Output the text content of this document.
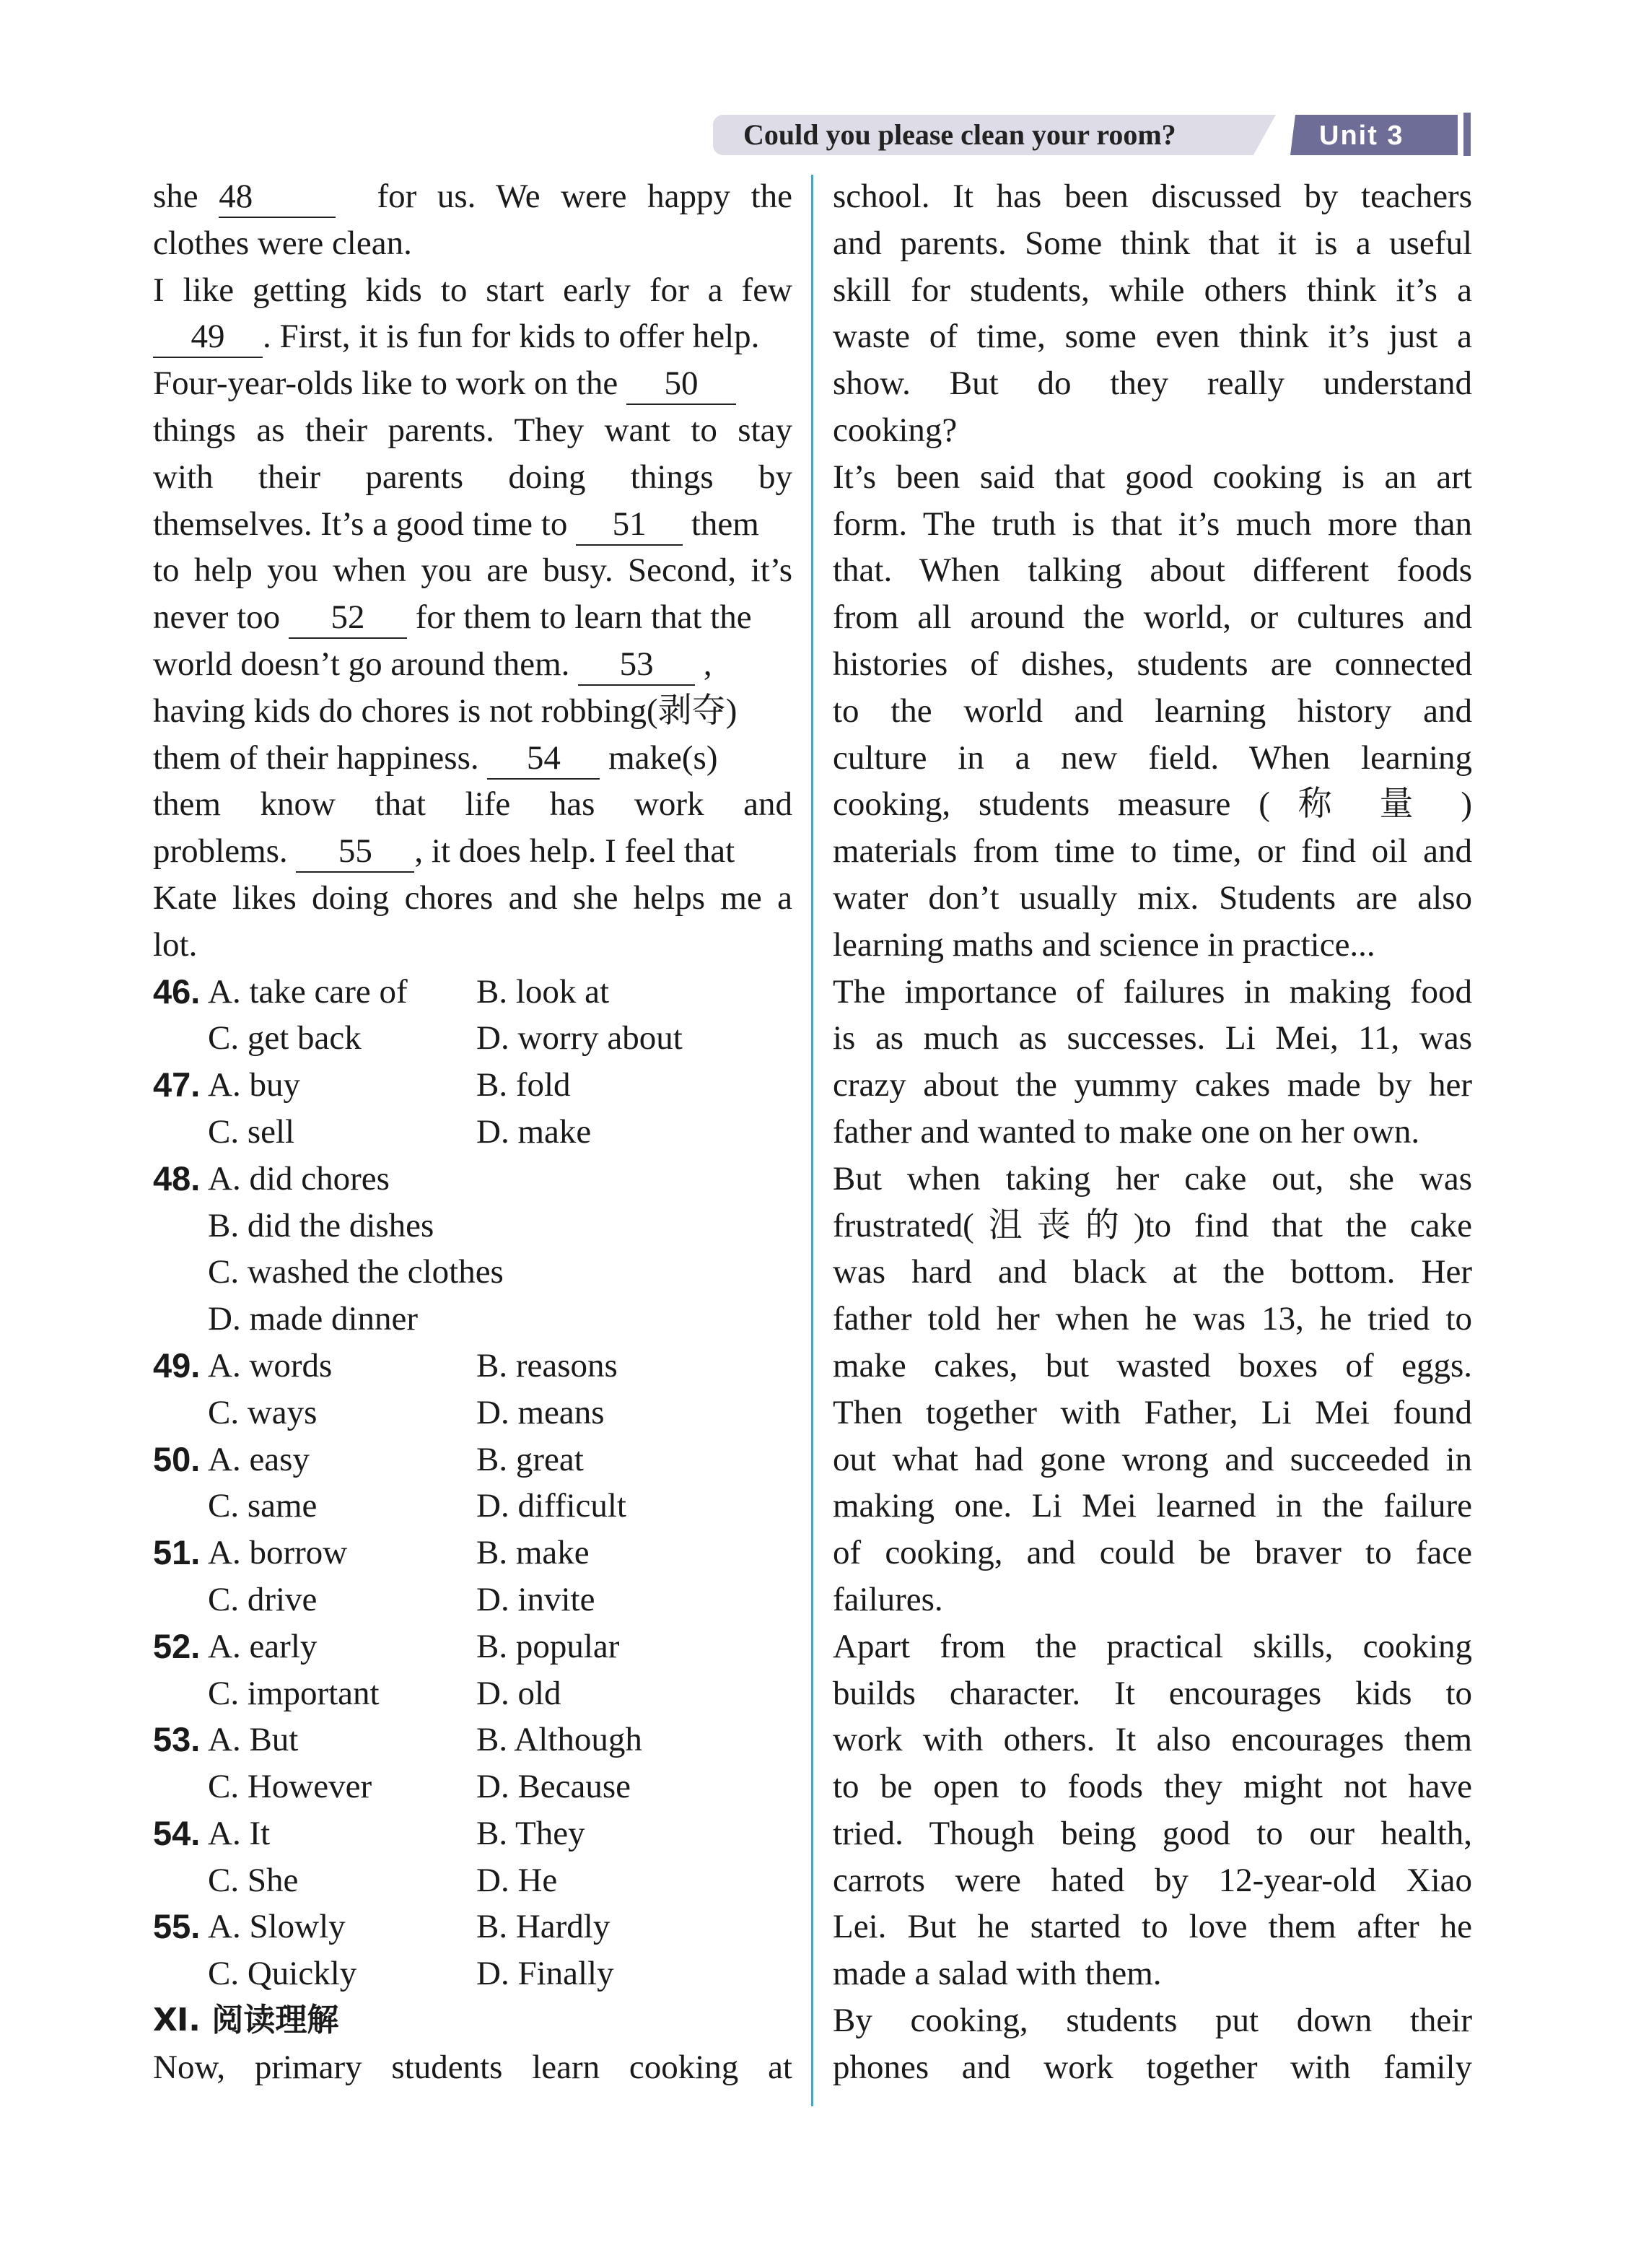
Could you please clean your room?	Unit 3
she 48	for us. We were happy the
clothes were clean.
I like getting kids to start early for a few
49 . First, it is fun for kids to offer help.
Four-year-olds like to work on the 50
things as their parents. They want to stay
with their parents doing things by
themselves. It’s a good time to 51 them
to help you when you are busy. Second, it’s
never too 52 for them to learn that the
world doesn’t go around them. 53 ,
having kids do chores is not robbing(剥夺)
them of their happiness. 54 make(s)
them know that life has work and
problems. 55 , it does help. I feel that
Kate likes doing chores and she helps me a
lot.
46. A. take care of B. look at
C. get back	D. worry about
47. A. buy	B. fold
C. sell	D. make
48. A. did chores
B. did the dishes
C. washed the clothes
D. made dinner
49. A. words	B. reasons
C. ways	D. means
50. A. easy	B. great
C. same	D. difficult
51. A. borrow	B. make
C. drive	D. invite
52. A. early	B. popular
C. important	D. old
53. A. But	B. Although
C. However	D. Because
54. A. It	B. They
C. She	D. He
55. A. Slowly	B. Hardly
C. Quickly	D. Finally
Ⅺ. 阅读理解
Now, primary students learn cooking at
school. It has been discussed by teachers
and parents. Some think that it is a useful
skill for students, while others think it’s a
waste of time, some even think it’s just a
show. But do they really understand
cooking?
It’s been said that good cooking is an art
form. The truth is that it’s much more than
that. When talking about different foods
from all around the world, or cultures and
histories of dishes, students are connected
to the world and learning history and
culture in a new field. When learning
cooking, students measure ( 称 量 )
materials from time to time, or find oil and
water don’t usually mix. Students are also
learning maths and science in practice...
The importance of failures in making food
is as much as successes. Li Mei, 11, was
crazy about the yummy cakes made by her
father and wanted to make one on her own.
But when taking her cake out, she was
frustrated(沮丧的)to find that the cake
was hard and black at the bottom. Her
father told her when he was 13, he tried to
make cakes, but wasted boxes of eggs.
Then together with Father, Li Mei found
out what had gone wrong and succeeded in
making one. Li Mei learned in the failure
of cooking, and could be braver to face
failures.
Apart from the practical skills, cooking
builds character. It encourages kids to
work with others. It also encourages them
to be open to foods they might not have
tried. Though being good to our health,
carrots were hated by 12-year-old Xiao
Lei. But he started to love them after he
made a salad with them.
By cooking, students put down their
phones and work together with family
